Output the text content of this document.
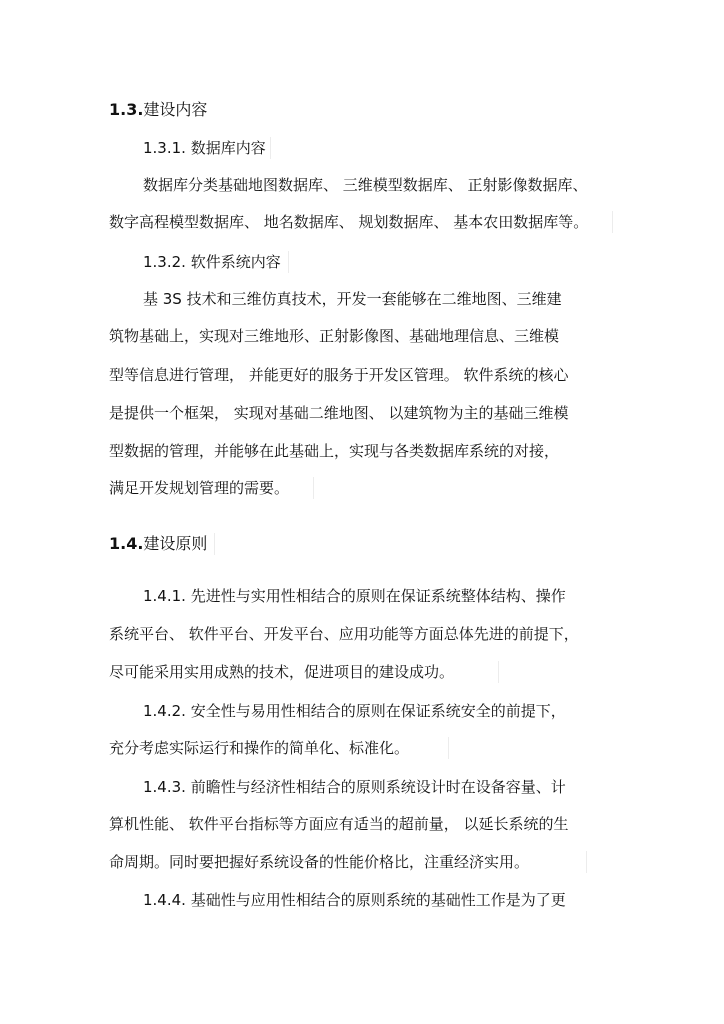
1.3.建设内容
1.3.1. 数据库内容
数据库分类基础地图数据库、 三维模型数据库、 正射影像数据库、
数字高程模型数据库、 地名数据库、 规划数据库、 基本农田数据库等。
1.3.2. 软件系统内容
基 3S 技术和三维仿真技术，开发一套能够在二维地图、三维建
筑物基础上，实现对三维地形、正射影像图、基础地理信息、三维模
型等信息进行管理， 并能更好的服务于开发区管理。 软件系统的核心
是提供一个框架， 实现对基础二维地图、 以建筑物为主的基础三维模
型数据的管理，并能够在此基础上，实现与各类数据库系统的对接，
满足开发规划管理的需要。
1.4.建设原则
1.4.1. 先进性与实用性相结合的原则在保证系统整体结构、操作
系统平台、 软件平台、开发平台、应用功能等方面总体先进的前提下，
尽可能采用实用成熟的技术，促进项目的建设成功。
1.4.2. 安全性与易用性相结合的原则在保证系统安全的前提下，
充分考虑实际运行和操作的简单化、标准化。
1.4.3. 前瞻性与经济性相结合的原则系统设计时在设备容量、计
算机性能、 软件平台指标等方面应有适当的超前量， 以延长系统的生
命周期。同时要把握好系统设备的性能价格比，注重经济实用。
1.4.4. 基础性与应用性相结合的原则系统的基础性工作是为了更
